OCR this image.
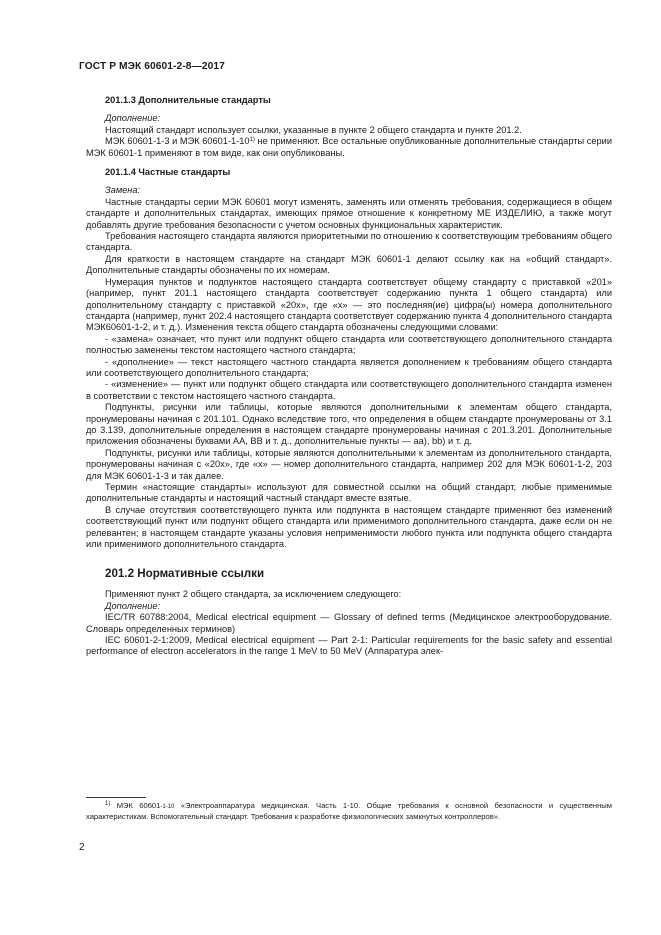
ГОСТ Р МЭК 60601-2-8—2017

201.1.3 Дополнительные стандарты

Дополнение:

Настоящий стандарт использует ссылки, указанные в пункте 2 общего стандарта и пункте 201.2.

МЭК 60601-1-3 и МЭК 60601-1-10$^{1)}$ не применяют. Все остальные опубликованные дополнительные стандарты серии МЭК 60601-1 применяют в том виде, как они опубликованы.

201.1.4 Частные стандарты

Замена:

Частные стандарты серии МЭК 60601 могут изменять, заменять или отменять требования, содержащиеся в общем стандарте и дополнительных стандартах, имеющих прямое отношение к конкретному МЕ ИЗДЕЛИЮ, а также могут добавлять другие требования безопасности с учетом основных функциональных характеристик.

Требования настоящего стандарта являются приоритетными по отношению к соответствующим требованиям общего стандарта.

Для краткости в настоящем стандарте на стандарт МЭК 60601-1 делают ссылку как на «общий стандарт». Дополнительные стандарты обозначены по их номерам.

Нумерация пунктов и подпунктов настоящего стандарта соответствует общему стандарту с приставкой «201» (например, пункт 201.1 настоящего стандарта соответствует содержанию пункта 1 общего стандарта) или дополнительному стандарту с приставкой «20х», где «х» — это последняя(ие) цифра(ы) номера дополнительного стандарта (например, пункт 202.4 настоящего стандарта соответствует содержанию пункта 4 дополнительного стандарта МЭК60601-1-2, и т. д.). Изменения текста общего стандарта обозначены следующими словами:

- «замена» означает, что пункт или подпункт общего стандарта или соответствующего дополнительного стандарта полностью заменены текстом настоящего частного стандарта;

- «дополнение» — текст настоящего частного стандарта является дополнением к требованиям общего стандарта или соответствующего дополнительного стандарта;

- «изменение» — пункт или подпункт общего стандарта или соответствующего дополнительного стандарта изменен в соответствии с текстом настоящего частного стандарта.

Подпункты, рисунки или таблицы, которые являются дополнительными к элементам общего стандарта, пронумерованы начиная с 201.101. Однако вследствие того, что определения в общем стандарте пронумерованы от 3.1 до 3.139, дополнительные определения в настоящем стандарте пронумерованы начиная с 201.3.201. Дополнительные приложения обозначены буквами АА, ВВ и т. д., дополнительные пункты — aa), bb) и т. д.

Подпункты, рисунки или таблицы, которые являются дополнительными к элементам из дополнительного стандарта, пронумерованы начиная с «20х», где «х» — номер дополнительного стандарта, например 202 для МЭК 60601-1-2, 203 для МЭК 60601-1-3 и так далее.

Термин «настоящие стандарты» используют для совместной ссылки на общий стандарт, любые применимые дополнительные стандарты и настоящий частный стандарт вместе взятые.

В случае отсутствия соответствующего пункта или подпункта в настоящем стандарте применяют без изменений соответствующий пункт или подпункт общего стандарта или применимого дополнительного стандарта, даже если он не релевантен; в настоящем стандарте указаны условия неприменимости любого пункта или подпункта общего стандарта или применимого дополнительного стандарта.

201.2 Нормативные ссылки

Применяют пункт 2 общего стандарта, за исключением следующего:

Дополнение:

IEC/TR 60788:2004, Medical electrical equipment — Glossary of defined terms (Медицинское электрооборудование. Словарь определенных терминов)

IEC 60601-2-1:2009, Medical electrical equipment — Part 2-1: Particular requirements for the basic safety and essential performance of electron accelerators in the range 1 MeV to 50 MeV (Аппаратура элек-

$^{1)}$ МЭК 60601-1-10 «Электроаппаратура медицинская. Часть 1-10. Общие требования к основной безопасности и существенным характеристикам. Вспомогательный стандарт. Требования к разработке физиологических замкнутых контроллеров».
2
